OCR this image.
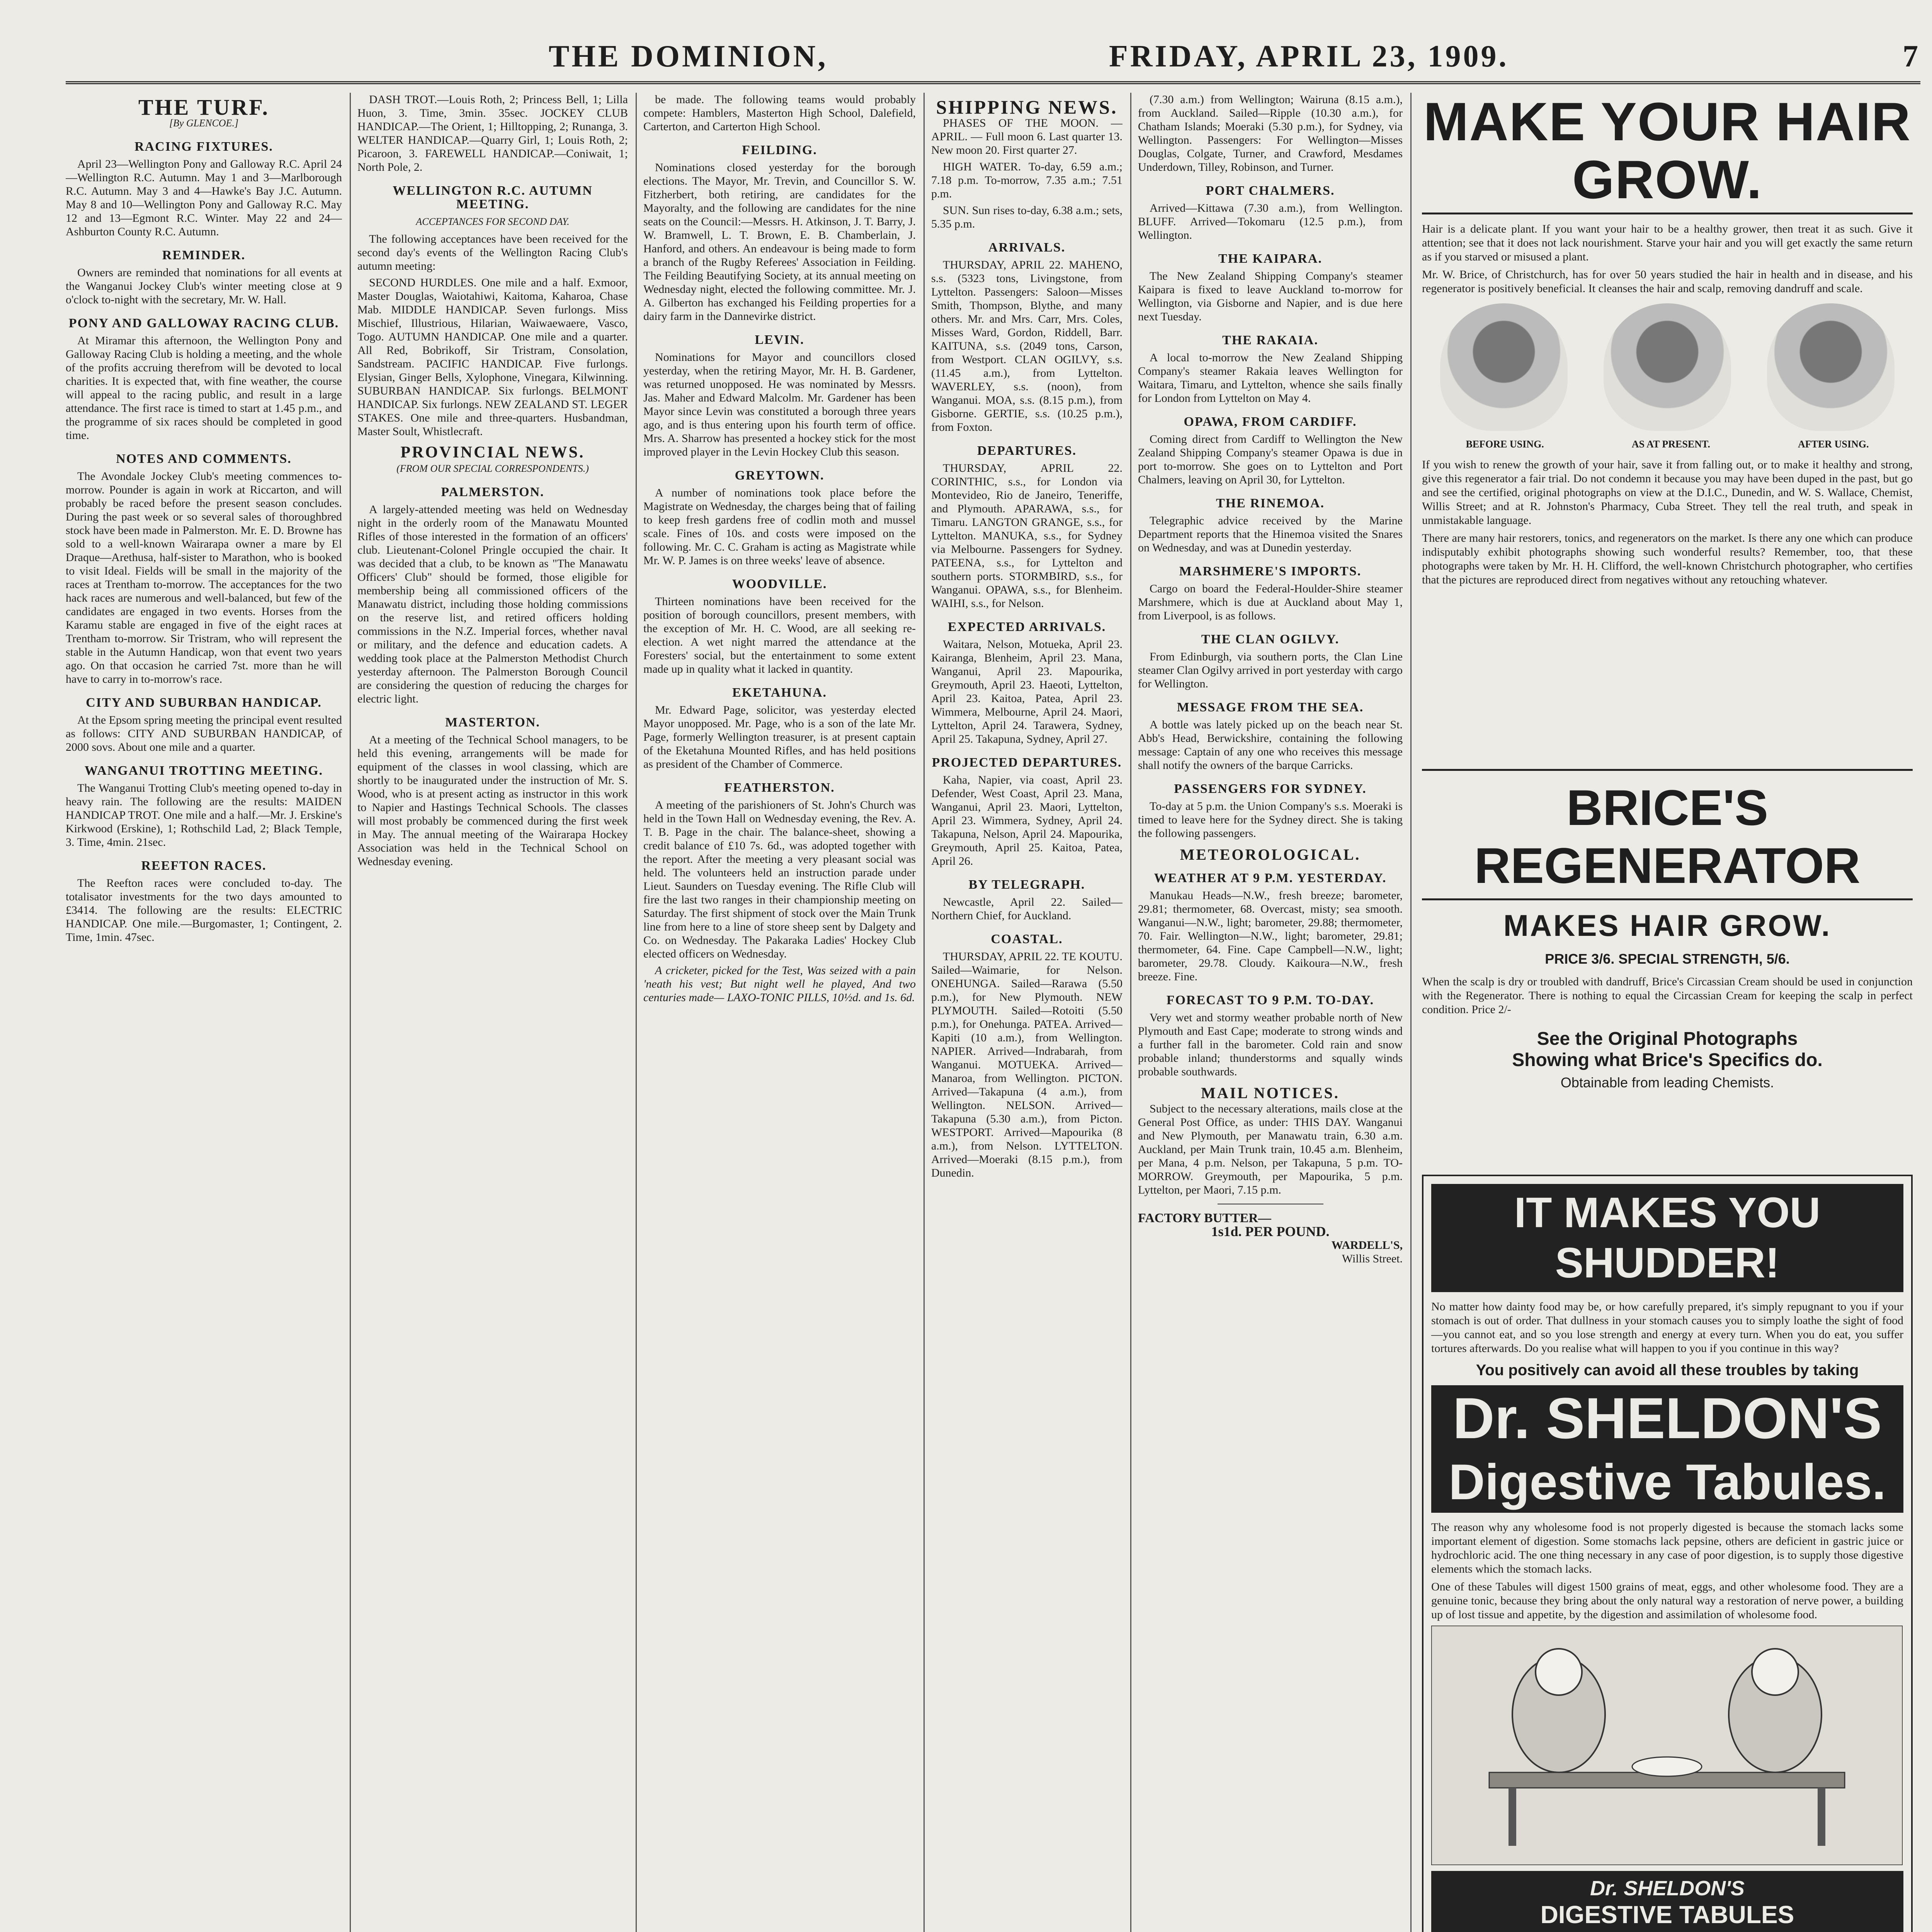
THE DOMINION,	FRIDAY, APRIL 23, 1909.	7
THE TURF.
[By GLENCOE.]
RACING FIXTURES.

April 23—Wellington Pony and Galloway R.C. April 24—Wellington R.C. Autumn. May 1 and 3—Marlborough R.C. Autumn. May 3 and 4—Hawke's Bay J.C. Autumn. May 8 and 10—Wellington Pony and Galloway R.C. May 12 and 13—Egmont R.C. Winter. May 22 and 24—Ashburton County R.C. Autumn.

REMINDER.

Owners are reminded that nominations for all events at the Wanganui Jockey Club's winter meeting close at 9 o'clock to-night with the secretary, Mr. W. Hall.

PONY AND GALLOWAY RACING CLUB.

At Miramar this afternoon, the Wellington Pony and Galloway Racing Club is holding a meeting, and the whole of the profits accruing therefrom will be devoted to local charities. It is expected that, with fine weather, the course will appeal to the racing public, and result in a large attendance. The first race is timed to start at 1.45 p.m., and the programme of six races should be completed in good time.

NOTES AND COMMENTS.

The Avondale Jockey Club's meeting commences to-morrow. Pounder is again in work at Riccarton, and will probably be raced before the present season concludes. During the past week or so several sales of thoroughbred stock have been made in Palmerston. Mr. E. D. Browne has sold to a well-known Wairarapa owner a mare by El Draque—Arethusa, half-sister to Marathon, who is booked to visit Ideal. Fields will be small in the majority of the races at Trentham to-morrow. The acceptances for the two hack races are numerous and well-balanced, but few of the candidates are engaged in two events. Horses from the Karamu stable are engaged in five of the eight races at Trentham to-morrow. Sir Tristram, who will represent the stable in the Autumn Handicap, won that event two years ago. On that occasion he carried 7st. more than he will have to carry in to-morrow's race.

CITY AND SUBURBAN HANDICAP.

At the Epsom spring meeting the principal event resulted as follows: CITY AND SUBURBAN HANDICAP, of 2000 sovs. About one mile and a quarter.

WANGANUI TROTTING MEETING.

The Wanganui Trotting Club's meeting opened to-day in heavy rain. The following are the results: MAIDEN HANDICAP TROT. One mile and a half.—Mr. J. Erskine's Kirkwood (Erskine), 1; Rothschild Lad, 2; Black Temple, 3. Time, 4min. 21sec.

REEFTON RACES.

The Reefton races were concluded to-day. The totalisator investments for the two days amounted to £3414. The following are the results: ELECTRIC HANDICAP. One mile.—Burgomaster, 1; Contingent, 2. Time, 1min. 47sec.

DASH TROT.—Louis Roth, 2; Princess Bell, 1; Lilla Huon, 3. Time, 3min. 35sec. JOCKEY CLUB HANDICAP.—The Orient, 1; Hilltopping, 2; Runanga, 3. WELTER HANDICAP.—Quarry Girl, 1; Louis Roth, 2; Picaroon, 3. FAREWELL HANDICAP.—Coniwait, 1; North Pole, 2.

WELLINGTON R.C. AUTUMN MEETING.
ACCEPTANCES FOR SECOND DAY.

The following acceptances have been received for the second day's events of the Wellington Racing Club's autumn meeting:

SECOND HURDLES. One mile and a half. Exmoor, Master Douglas, Waiotahiwi, Kaitoma, Kaharoa, Chase Mab. MIDDLE HANDICAP. Seven furlongs. Miss Mischief, Illustrious, Hilarian, Waiwaewaere, Vasco, Togo. AUTUMN HANDICAP. One mile and a quarter. All Red, Bobrikoff, Sir Tristram, Consolation, Sandstream. PACIFIC HANDICAP. Five furlongs. Elysian, Ginger Bells, Xylophone, Vinegara, Kilwinning. SUBURBAN HANDICAP. Six furlongs. BELMONT HANDICAP. Six furlongs. NEW ZEALAND ST. LEGER STAKES. One mile and three-quarters. Husbandman, Master Soult, Whistlecraft.

PROVINCIAL NEWS.
(FROM OUR SPECIAL CORRESPONDENTS.)
PALMERSTON.

A largely-attended meeting was held on Wednesday night in the orderly room of the Manawatu Mounted Rifles of those interested in the formation of an officers' club. Lieutenant-Colonel Pringle occupied the chair. It was decided that a club, to be known as "The Manawatu Officers' Club" should be formed, those eligible for membership being all commissioned officers of the Manawatu district, including those holding commissions on the reserve list, and retired officers holding commissions in the N.Z. Imperial forces, whether naval or military, and the defence and education cadets. A wedding took place at the Palmerston Methodist Church yesterday afternoon. The Palmerston Borough Council are considering the question of reducing the charges for electric light.

MASTERTON.

At a meeting of the Technical School managers, to be held this evening, arrangements will be made for equipment of the classes in wool classing, which are shortly to be inaugurated under the instruction of Mr. S. Wood, who is at present acting as instructor in this work to Napier and Hastings Technical Schools. The classes will most probably be commenced during the first week in May. The annual meeting of the Wairarapa Hockey Association was held in the Technical School on Wednesday evening.

be made. The following teams would probably compete: Hamblers, Masterton High School, Dalefield, Carterton, and Carterton High School.

FEILDING.

Nominations closed yesterday for the borough elections. The Mayor, Mr. Trevin, and Councillor S. W. Fitzherbert, both retiring, are candidates for the Mayoralty, and the following are candidates for the nine seats on the Council:—Messrs. H. Atkinson, J. T. Barry, J. W. Bramwell, L. T. Brown, E. B. Chamberlain, J. Hanford, and others. An endeavour is being made to form a branch of the Rugby Referees' Association in Feilding. The Feilding Beautifying Society, at its annual meeting on Wednesday night, elected the following committee. Mr. J. A. Gilberton has exchanged his Feilding properties for a dairy farm in the Dannevirke district.

LEVIN.

Nominations for Mayor and councillors closed yesterday, when the retiring Mayor, Mr. H. B. Gardener, was returned unopposed. He was nominated by Messrs. Jas. Maher and Edward Malcolm. Mr. Gardener has been Mayor since Levin was constituted a borough three years ago, and is thus entering upon his fourth term of office. Mrs. A. Sharrow has presented a hockey stick for the most improved player in the Levin Hockey Club this season.

GREYTOWN.

A number of nominations took place before the Magistrate on Wednesday, the charges being that of failing to keep fresh gardens free of codlin moth and mussel scale. Fines of 10s. and costs were imposed on the following. Mr. C. C. Graham is acting as Magistrate while Mr. W. P. James is on three weeks' leave of absence.

WOODVILLE.

Thirteen nominations have been received for the position of borough councillors, present members, with the exception of Mr. H. C. Wood, are all seeking re-election. A wet night marred the attendance at the Foresters' social, but the entertainment to some extent made up in quality what it lacked in quantity.

EKETAHUNA.

Mr. Edward Page, solicitor, was yesterday elected Mayor unopposed. Mr. Page, who is a son of the late Mr. Page, formerly Wellington treasurer, is at present captain of the Eketahuna Mounted Rifles, and has held positions as president of the Chamber of Commerce.

FEATHERSTON.

A meeting of the parishioners of St. John's Church was held in the Town Hall on Wednesday evening, the Rev. A. T. B. Page in the chair. The balance-sheet, showing a credit balance of £10 7s. 6d., was adopted together with the report. After the meeting a very pleasant social was held. The volunteers held an instruction parade under Lieut. Saunders on Tuesday evening. The Rifle Club will fire the last two ranges in their championship meeting on Saturday. The first shipment of stock over the Main Trunk line from here to a line of store sheep sent by Dalgety and Co. on Wednesday. The Pakaraka Ladies' Hockey Club elected officers on Wednesday.

A cricketer, picked for the Test, Was seized with a pain 'neath his vest; But night well he played, And two centuries made— LAXO-TONIC PILLS, 10½d. and 1s. 6d.

SHIPPING NEWS.

PHASES OF THE MOON. — APRIL. — Full moon 6. Last quarter 13. New moon 20. First quarter 27.

HIGH WATER. To-day, 6.59 a.m.; 7.18 p.m. To-morrow, 7.35 a.m.; 7.51 p.m.

SUN. Sun rises to-day, 6.38 a.m.; sets, 5.35 p.m.

ARRIVALS.

THURSDAY, APRIL 22. MAHENO, s.s. (5323 tons, Livingstone, from Lyttelton. Passengers: Saloon—Misses Smith, Thompson, Blythe, and many others. Mr. and Mrs. Carr, Mrs. Coles, Misses Ward, Gordon, Riddell, Barr. KAITUNA, s.s. (2049 tons, Carson, from Westport. CLAN OGILVY, s.s. (11.45 a.m.), from Lyttelton. WAVERLEY, s.s. (noon), from Wanganui. MOA, s.s. (8.15 p.m.), from Gisborne. GERTIE, s.s. (10.25 p.m.), from Foxton.

DEPARTURES.

THURSDAY, APRIL 22. CORINTHIC, s.s., for London via Montevideo, Rio de Janeiro, Teneriffe, and Plymouth. APARAWA, s.s., for Timaru. LANGTON GRANGE, s.s., for Lyttelton. MANUKA, s.s., for Sydney via Melbourne. Passengers for Sydney. PATEENA, s.s., for Lyttelton and southern ports. STORMBIRD, s.s., for Wanganui. OPAWA, s.s., for Blenheim. WAIHI, s.s., for Nelson.

EXPECTED ARRIVALS.

Waitara, Nelson, Motueka, April 23. Kairanga, Blenheim, April 23. Mana, Wanganui, April 23. Mapourika, Greymouth, April 23. Haeoti, Lyttelton, April 23. Kaitoa, Patea, April 23. Wimmera, Melbourne, April 24. Maori, Lyttelton, April 24. Tarawera, Sydney, April 25. Takapuna, Sydney, April 27.

PROJECTED DEPARTURES.

Kaha, Napier, via coast, April 23. Defender, West Coast, April 23. Mana, Wanganui, April 23. Maori, Lyttelton, April 23. Wimmera, Sydney, April 24. Takapuna, Nelson, April 24. Mapourika, Greymouth, April 25. Kaitoa, Patea, April 26.

BY TELEGRAPH.

Newcastle, April 22. Sailed—Northern Chief, for Auckland.

COASTAL.

THURSDAY, APRIL 22. TE KOUTU. Sailed—Waimarie, for Nelson. ONEHUNGA. Sailed—Rarawa (5.50 p.m.), for New Plymouth. NEW PLYMOUTH. Sailed—Rotoiti (5.50 p.m.), for Onehunga. PATEA. Arrived—Kapiti (10 a.m.), from Wellington. NAPIER. Arrived—Indrabarah, from Wanganui. MOTUEKA. Arrived—Manaroa, from Wellington. PICTON. Arrived—Takapuna (4 a.m.), from Wellington. NELSON. Arrived—Takapuna (5.30 a.m.), from Picton. WESTPORT. Arrived—Mapourika (8 a.m.), from Nelson. LYTTELTON. Arrived—Moeraki (8.15 p.m.), from Dunedin.

(7.30 a.m.) from Wellington; Wairuna (8.15 a.m.), from Auckland. Sailed—Ripple (10.30 a.m.), for Chatham Islands; Moeraki (5.30 p.m.), for Sydney, via Wellington. Passengers: For Wellington—Misses Douglas, Colgate, Turner, and Crawford, Mesdames Underdown, Tilley, Robinson, and Turner.

PORT CHALMERS.

Arrived—Kittawa (7.30 a.m.), from Wellington. BLUFF. Arrived—Tokomaru (12.5 p.m.), from Wellington.

THE KAIPARA.

The New Zealand Shipping Company's steamer Kaipara is fixed to leave Auckland to-morrow for Wellington, via Gisborne and Napier, and is due here next Tuesday.

THE RAKAIA.

A local to-morrow the New Zealand Shipping Company's steamer Rakaia leaves Wellington for Waitara, Timaru, and Lyttelton, whence she sails finally for London from Lyttelton on May 4.

OPAWA, FROM CARDIFF.

Coming direct from Cardiff to Wellington the New Zealand Shipping Company's steamer Opawa is due in port to-morrow. She goes on to Lyttelton and Port Chalmers, leaving on April 30, for Lyttelton.

THE RINEMOA.

Telegraphic advice received by the Marine Department reports that the Hinemoa visited the Snares on Wednesday, and was at Dunedin yesterday.

MARSHMERE'S IMPORTS.

Cargo on board the Federal-Houlder-Shire steamer Marshmere, which is due at Auckland about May 1, from Liverpool, is as follows.

THE CLAN OGILVY.

From Edinburgh, via southern ports, the Clan Line steamer Clan Ogilvy arrived in port yesterday with cargo for Wellington.

MESSAGE FROM THE SEA.

A bottle was lately picked up on the beach near St. Abb's Head, Berwickshire, containing the following message: Captain of any one who receives this message shall notify the owners of the barque Carricks.

PASSENGERS FOR SYDNEY.

To-day at 5 p.m. the Union Company's s.s. Moeraki is timed to leave here for the Sydney direct. She is taking the following passengers.

METEOROLOGICAL.
WEATHER AT 9 P.M. YESTERDAY.

Manukau Heads—N.W., fresh breeze; barometer, 29.81; thermometer, 68. Overcast, misty; sea smooth. Wanganui—N.W., light; barometer, 29.88; thermometer, 70. Fair. Wellington—N.W., light; barometer, 29.81; thermometer, 64. Fine. Cape Campbell—N.W., light; barometer, 29.78. Cloudy. Kaikoura—N.W., fresh breeze. Fine.

FORECAST TO 9 P.M. TO-DAY.

Very wet and stormy weather probable north of New Plymouth and East Cape; moderate to strong winds and a further fall in the barometer. Cold rain and snow probable inland; thunderstorms and squally winds probable southwards.

MAIL NOTICES.

Subject to the necessary alterations, mails close at the General Post Office, as under: THIS DAY. Wanganui and New Plymouth, per Manawatu train, 6.30 a.m. Auckland, per Main Trunk train, 10.45 a.m. Blenheim, per Mana, 4 p.m. Nelson, per Takapuna, 5 p.m. TO-MORROW. Greymouth, per Mapourika, 5 p.m. Lyttelton, per Maori, 7.15 p.m.

FACTORY BUTTER—
1s1d. PER POUND.
WARDELL'S,
Willis Street.
MAKE YOUR HAIR GROW.

Hair is a delicate plant. If you want your hair to be a healthy grower, then treat it as such. Give it attention; see that it does not lack nourishment. Starve your hair and you will get exactly the same return as if you starved or misused a plant.

Mr. W. Brice, of Christchurch, has for over 50 years studied the hair in health and in disease, and his regenerator is positively beneficial. It cleanses the hair and scalp, removing dandruff and scale.

BEFORE USING.	AS AT PRESENT.	AFTER USING.

If you wish to renew the growth of your hair, save it from falling out, or to make it healthy and strong, give this regenerator a fair trial. Do not condemn it because you may have been duped in the past, but go and see the certified, original photographs on view at the D.I.C., Dunedin, and W. S. Wallace, Chemist, Willis Street; and at R. Johnston's Pharmacy, Cuba Street. They tell the real truth, and speak in unmistakable language.

There are many hair restorers, tonics, and regenerators on the market. Is there any one which can produce indisputably exhibit photographs showing such wonderful results? Remember, too, that these photographs were taken by Mr. H. H. Clifford, the well-known Christchurch photographer, who certifies that the pictures are reproduced direct from negatives without any retouching whatever.

BRICE'S REGENERATOR
MAKES HAIR GROW.
PRICE 3/6. SPECIAL STRENGTH, 5/6.

When the scalp is dry or troubled with dandruff, Brice's Circassian Cream should be used in conjunction with the Regenerator. There is nothing to equal the Circassian Cream for keeping the scalp in perfect condition. Price 2/-

See the Original Photographs
Showing what Brice's Specifics do.
Obtainable from leading Chemists.
IT MAKES YOU SHUDDER!

No matter how dainty food may be, or how carefully prepared, it's simply repugnant to you if your stomach is out of order. That dullness in your stomach causes you to simply loathe the sight of food—you cannot eat, and so you lose strength and energy at every turn. When you do eat, you suffer tortures afterwards. Do you realise what will happen to you if you continue in this way?

You positively can avoid all these troubles by taking
Dr. SHELDON'S
Digestive Tabules.

The reason why any wholesome food is not properly digested is because the stomach lacks some important element of digestion. Some stomachs lack pepsine, others are deficient in gastric juice or hydrochloric acid. The one thing necessary in any case of poor digestion, is to supply those digestive elements which the stomach lacks.

One of these Tabules will digest 1500 grains of meat, eggs, and other wholesome food. They are a genuine tonic, because they bring about the only natural way a restoration of nerve power, a building up of lost tissue and appetite, by the digestion and assimilation of wholesome food.

Dr. SHELDON'S
DIGESTIVE TABULES
